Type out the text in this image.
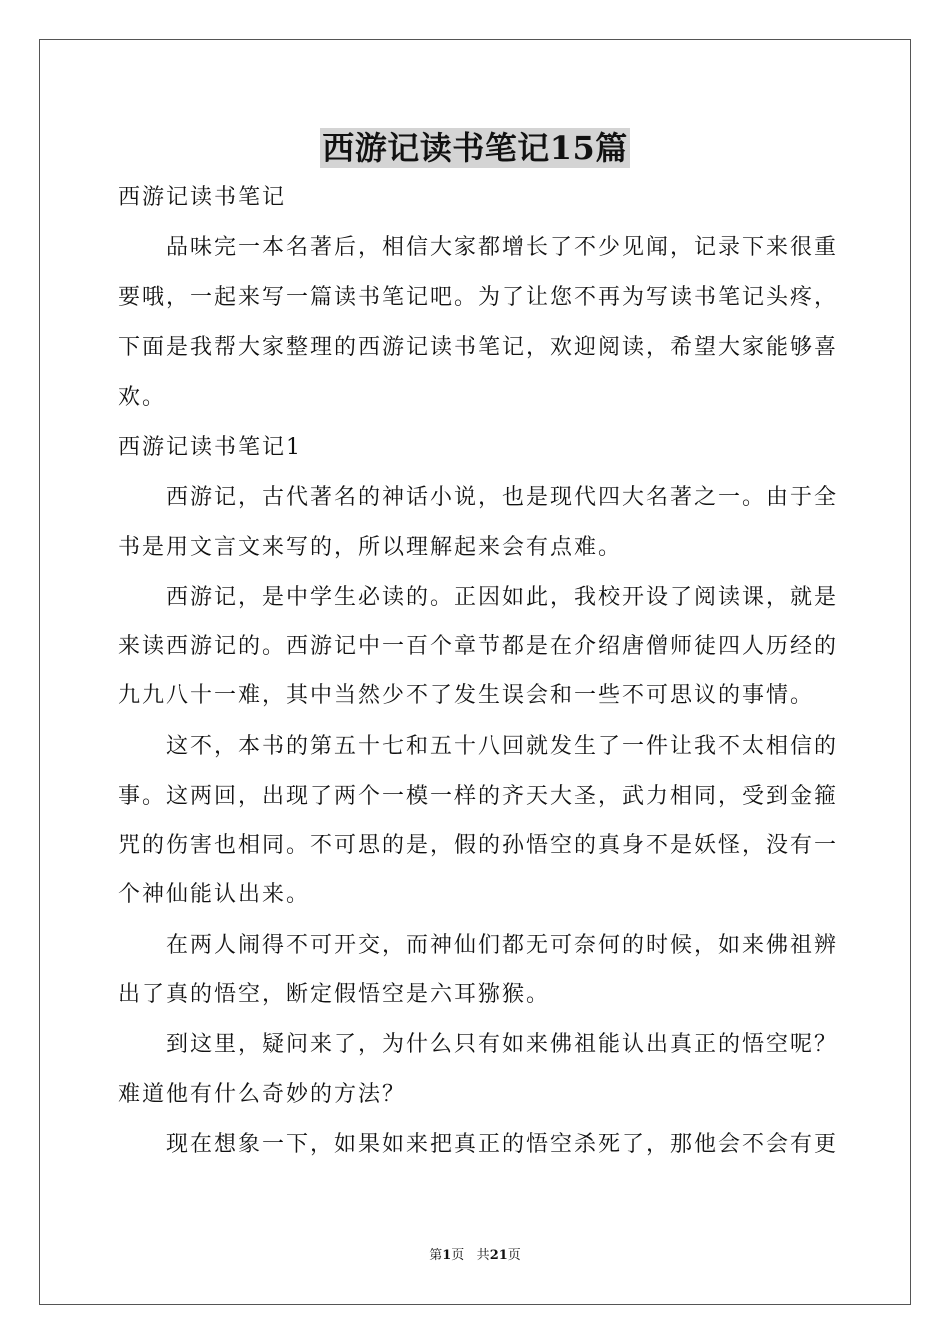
西游记读书笔记15篇
西游记读书笔记
　　品味完一本名著后，相信大家都增长了不少见闻，记录下来很重
要哦，一起来写一篇读书笔记吧。为了让您不再为写读书笔记头疼，
下面是我帮大家整理的西游记读书笔记，欢迎阅读，希望大家能够喜
欢。
西游记读书笔记1
　　西游记，古代著名的神话小说，也是现代四大名著之一。由于全
书是用文言文来写的，所以理解起来会有点难。
　　西游记，是中学生必读的。正因如此，我校开设了阅读课，就是
来读西游记的。西游记中一百个章节都是在介绍唐僧师徒四人历经的
九九八十一难，其中当然少不了发生误会和一些不可思议的事情。
　　这不，本书的第五十七和五十八回就发生了一件让我不太相信的
事。这两回，出现了两个一模一样的齐天大圣，武力相同，受到金箍
咒的伤害也相同。不可思的是，假的孙悟空的真身不是妖怪，没有一
个神仙能认出来。
　　在两人闹得不可开交，而神仙们都无可奈何的时候，如来佛祖辨
出了真的悟空，断定假悟空是六耳猕猴。
　　到这里，疑问来了，为什么只有如来佛祖能认出真正的悟空呢？
难道他有什么奇妙的方法？
　　现在想象一下，如果如来把真正的悟空杀死了，那他会不会有更
第1页 共21页
